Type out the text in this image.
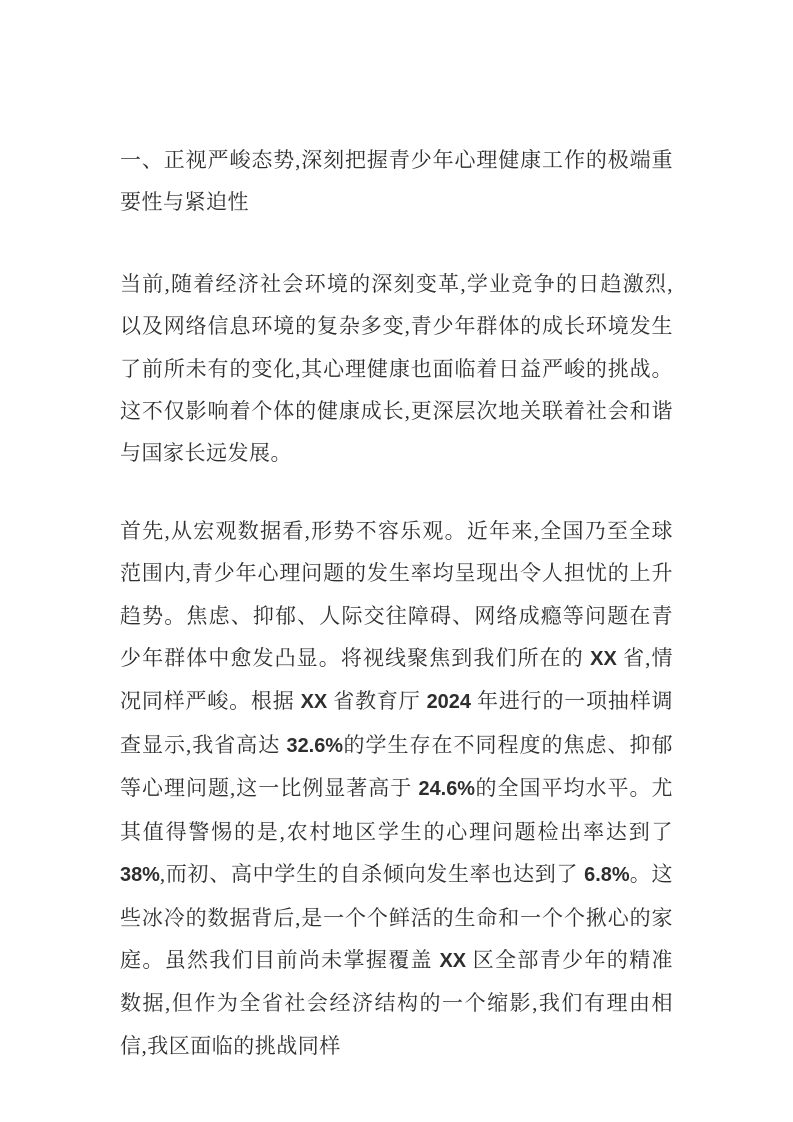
一、正视严峻态势,深刻把握青少年心理健康工作的极端重要性与紧迫性

当前,随着经济社会环境的深刻变革,学业竞争的日趋激烈,以及网络信息环境的复杂多变,青少年群体的成长环境发生了前所未有的变化,其心理健康也面临着日益严峻的挑战。这不仅影响着个体的健康成长,更深层次地关联着社会和谐与国家长远发展。

首先,从宏观数据看,形势不容乐观。近年来,全国乃至全球范围内,青少年心理问题的发生率均呈现出令人担忧的上升趋势。焦虑、抑郁、人际交往障碍、网络成瘾等问题在青少年群体中愈发凸显。将视线聚焦到我们所在的 XX 省,情况同样严峻。根据 XX 省教育厅 2024 年进行的一项抽样调查显示,我省高达 32.6%的学生存在不同程度的焦虑、抑郁等心理问题,这一比例显著高于 24.6%的全国平均水平。尤其值得警惕的是,农村地区学生的心理问题检出率达到了 38%,而初、高中学生的自杀倾向发生率也达到了 6.8%。这些冰冷的数据背后,是一个个鲜活的生命和一个个揪心的家庭。虽然我们目前尚未掌握覆盖 XX 区全部青少年的精准数据,但作为全省社会经济结构的一个缩影,我们有理由相信,我区面临的挑战同样
